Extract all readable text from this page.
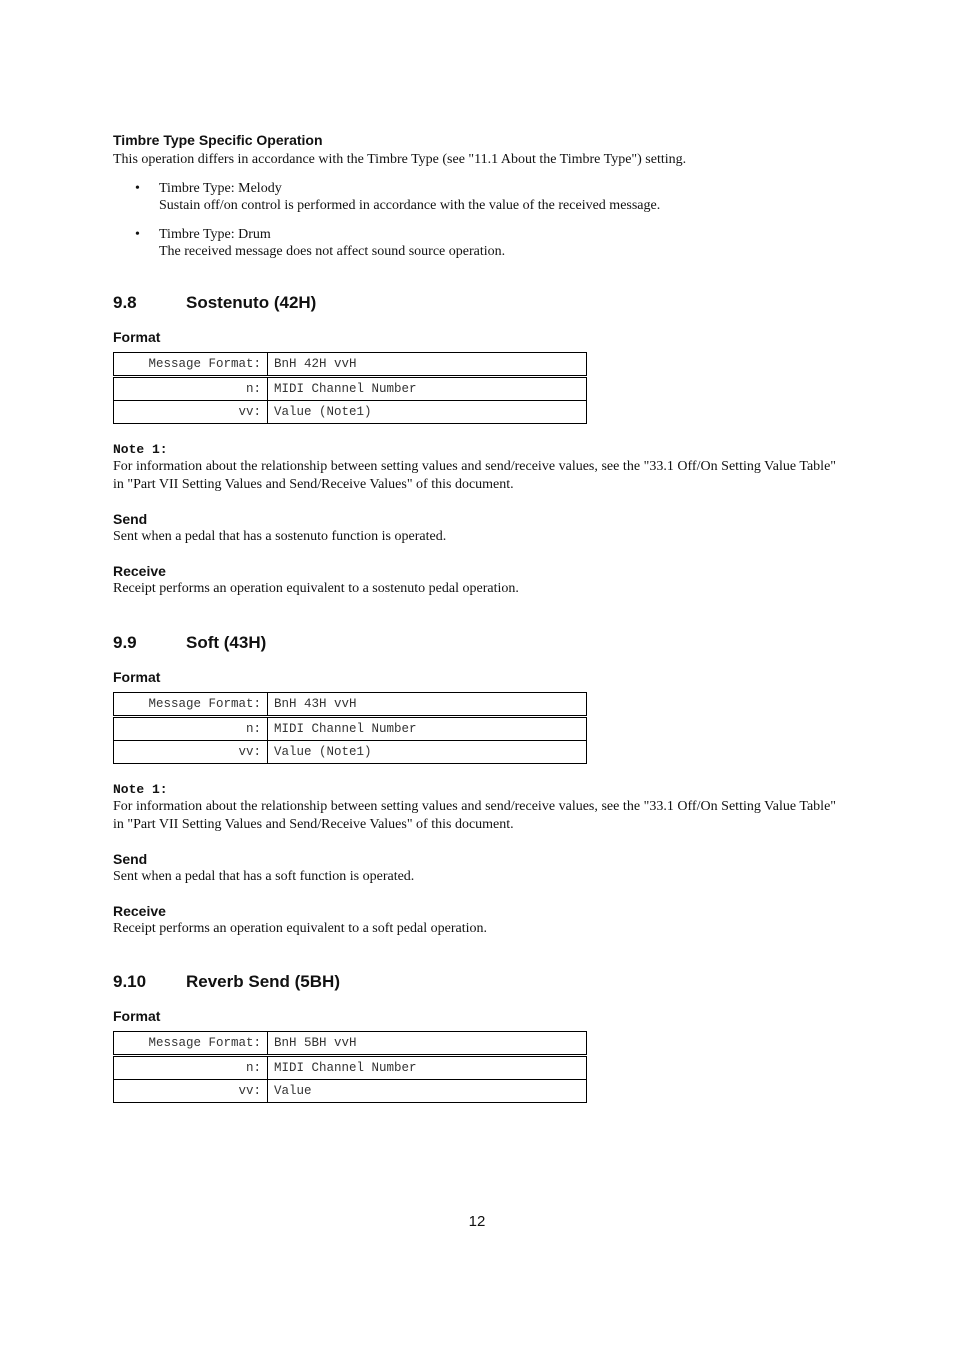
Timbre Type Specific Operation

This operation differs in accordance with the Timbre Type (see "11.1 About the Timbre Type") setting.

• Timbre Type: Melody
Sustain off/on control is performed in accordance with the value of the received message.
• Timbre Type: Drum
The received message does not affect sound source operation.
9.8	Sostenuto (42H)
Format
Message Format:	BnH 42H vvH
n:	MIDI Channel Number
vv:	Value (Note1)
Note 1:

For information about the relationship between setting values and send/receive values, see the "33.1 Off/On Setting Value Table" in "Part VII Setting Values and Send/Receive Values" of this document.

Send

Sent when a pedal that has a sostenuto function is operated.

Receive

Receipt performs an operation equivalent to a sostenuto pedal operation.

9.9	Soft (43H)
Format
Message Format:	BnH 43H vvH
n:	MIDI Channel Number
vv:	Value (Note1)
Note 1:

For information about the relationship between setting values and send/receive values, see the "33.1 Off/On Setting Value Table" in "Part VII Setting Values and Send/Receive Values" of this document.

Send

Sent when a pedal that has a soft function is operated.

Receive

Receipt performs an operation equivalent to a soft pedal operation.

9.10	Reverb Send (5BH)
Format
Message Format:	BnH 5BH vvH
n:	MIDI Channel Number
vv:	Value
12
